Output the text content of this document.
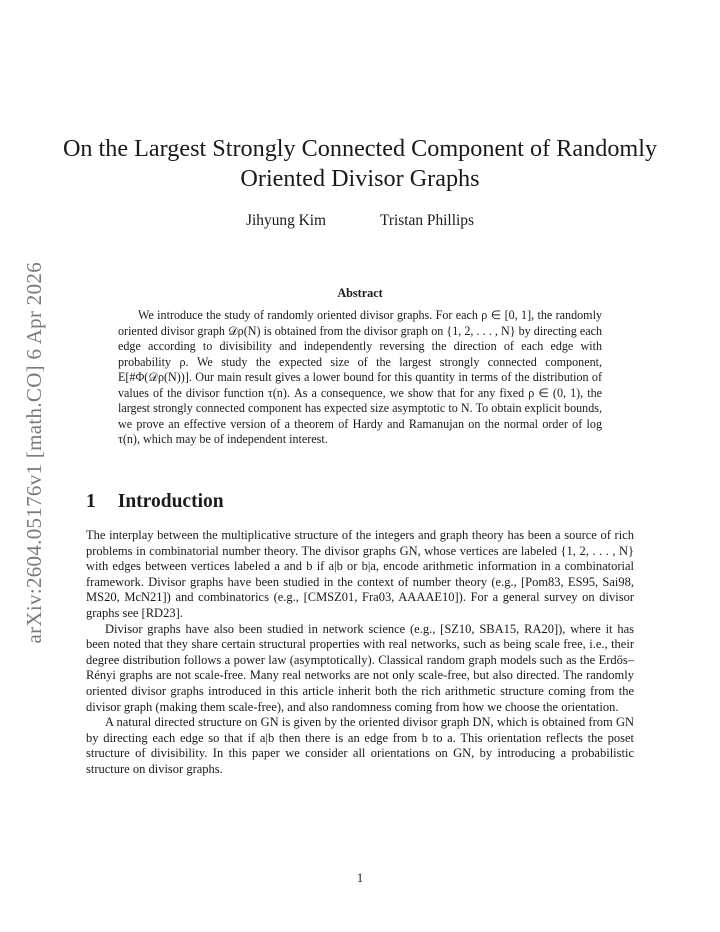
arXiv:2604.05176v1 [math.CO] 6 Apr 2026
On the Largest Strongly Connected Component of Randomly Oriented Divisor Graphs
Jihyung Kim	Tristan Phillips
Abstract

We introduce the study of randomly oriented divisor graphs. For each ρ ∈ [0, 1], the randomly oriented divisor graph 𝒟ρ(N) is obtained from the divisor graph on {1, 2, . . . , N} by directing each edge according to divisibility and independently reversing the direction of each edge with probability ρ. We study the expected size of the largest strongly connected component, E[#Φ(𝒟ρ(N))]. Our main result gives a lower bound for this quantity in terms of the distribution of values of the divisor function τ(n). As a consequence, we show that for any fixed ρ ∈ (0, 1), the largest strongly connected component has expected size asymptotic to N. To obtain explicit bounds, we prove an effective version of a theorem of Hardy and Ramanujan on the normal order of log τ(n), which may be of independent interest.

1 Introduction

The interplay between the multiplicative structure of the integers and graph theory has been a source of rich problems in combinatorial number theory. The divisor graphs GN, whose vertices are labeled {1, 2, . . . , N} with edges between vertices labeled a and b if a|b or b|a, encode arithmetic information in a combinatorial framework. Divisor graphs have been studied in the context of number theory (e.g., [Pom83, ES95, Sai98, MS20, McN21]) and combinatorics (e.g., [CMSZ01, Fra03, AAAAE10]). For a general survey on divisor graphs see [RD23].

Divisor graphs have also been studied in network science (e.g., [SZ10, SBA15, RA20]), where it has been noted that they share certain structural properties with real networks, such as being scale free, i.e., their degree distribution follows a power law (asymptotically). Classical random graph models such as the Erdős–Rényi graphs are not scale-free. Many real networks are not only scale-free, but also directed. The randomly oriented divisor graphs introduced in this article inherit both the rich arithmetic structure coming from the divisor graph (making them scale-free), and also randomness coming from how we choose the orientation.

A natural directed structure on GN is given by the oriented divisor graph DN, which is obtained from GN by directing each edge so that if a|b then there is an edge from b to a. This orientation reflects the poset structure of divisibility. In this paper we consider all orientations on GN, by introducing a probabilistic structure on divisor graphs.

1
